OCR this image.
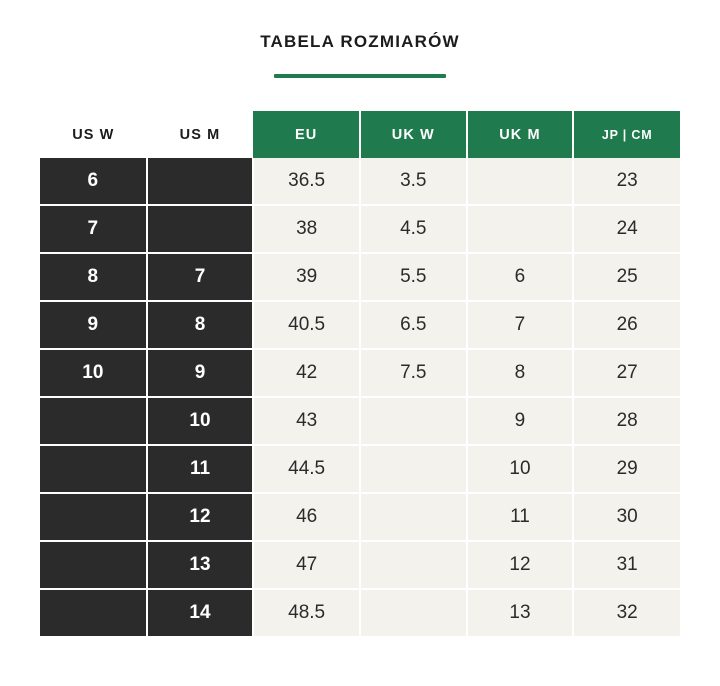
TABELA ROZMIARÓW
US W	US M	EU	UK W	UK M	JP | CM
6		36.5	3.5		23
7		38	4.5		24
8	7	39	5.5	6	25
9	8	40.5	6.5	7	26
10	9	42	7.5	8	27
	10	43		9	28
	11	44.5		10	29
	12	46		11	30
	13	47		12	31
	14	48.5		13	32
